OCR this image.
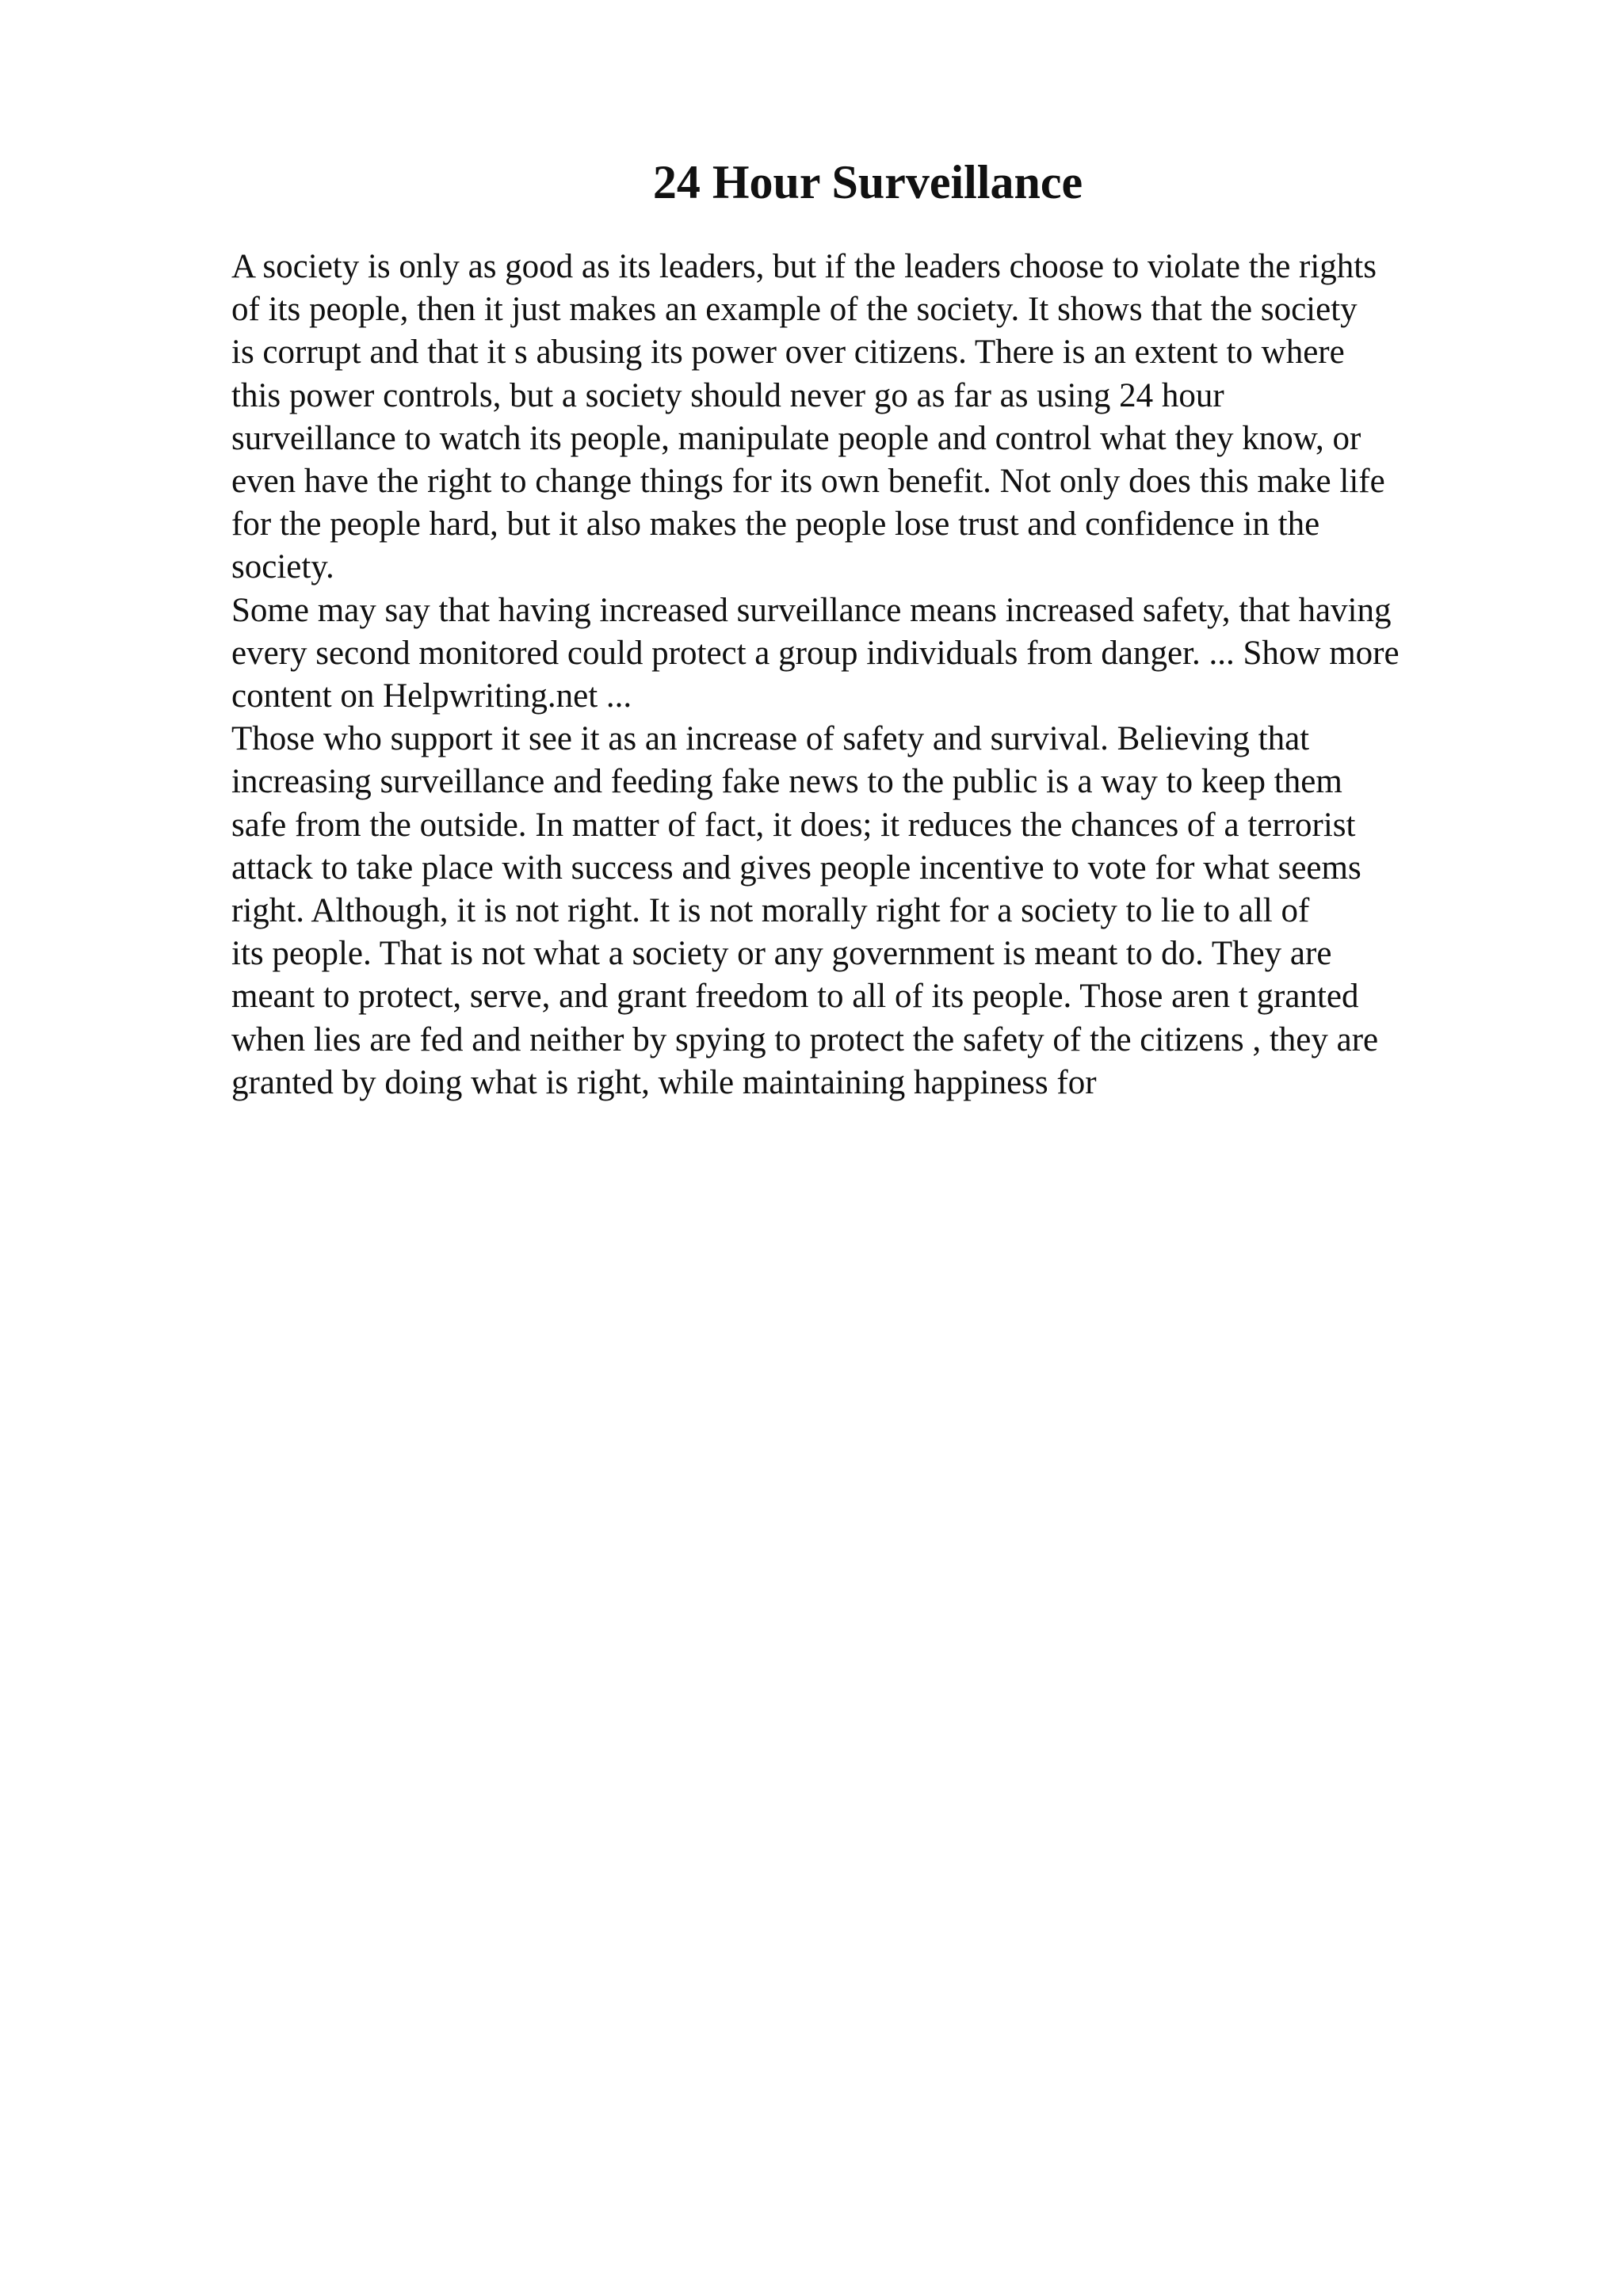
24 Hour Surveillance
A society is only as good as its leaders, but if the leaders choose to violate the rights
of its people, then it just makes an example of the society. It shows that the society
is corrupt and that it s abusing its power over citizens. There is an extent to where
this power controls, but a society should never go as far as using 24 hour
surveillance to watch its people, manipulate people and control what they know, or
even have the right to change things for its own benefit. Not only does this make life
for the people hard, but it also makes the people lose trust and confidence in the
society.
Some may say that having increased surveillance means increased safety, that having
every second monitored could protect a group individuals from danger. ... Show more
content on Helpwriting.net ...
Those who support it see it as an increase of safety and survival. Believing that
increasing surveillance and feeding fake news to the public is a way to keep them
safe from the outside. In matter of fact, it does; it reduces the chances of a terrorist
attack to take place with success and gives people incentive to vote for what seems
right. Although, it is not right. It is not morally right for a society to lie to all of
its people. That is not what a society or any government is meant to do. They are
meant to protect, serve, and grant freedom to all of its people. Those aren t granted
when lies are fed and neither by spying to protect the safety of the citizens , they are
granted by doing what is right, while maintaining happiness for
